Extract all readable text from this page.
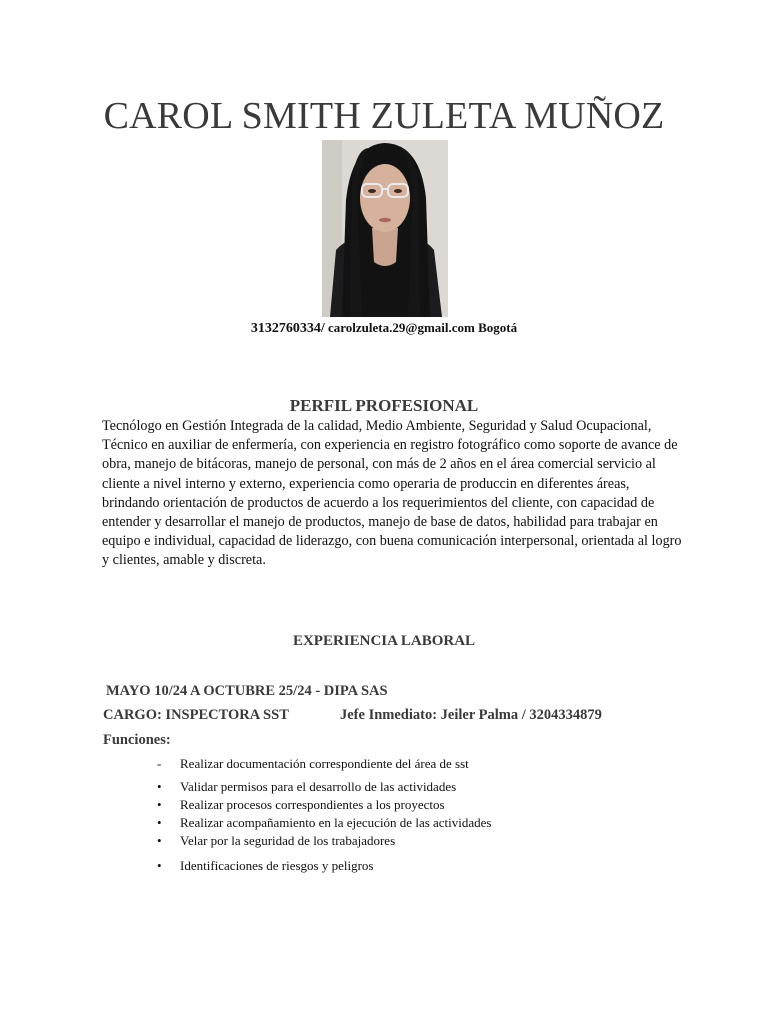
CAROL SMITH ZULETA MUÑOZ
3132760334/ carolzuleta.29@gmail.com Bogotá
PERFIL PROFESIONAL

Tecnólogo en Gestión Integrada de la calidad, Medio Ambiente, Seguridad y Salud Ocupacional, Técnico en auxiliar de enfermería, con experiencia en registro fotográfico como soporte de avance de obra, manejo de bitácoras, manejo de personal, con más de 2 años en el área comercial servicio al cliente a nivel interno y externo, experiencia como operaria de produccin en diferentes áreas, brindando orientación de productos de acuerdo a los requerimientos del cliente, con capacidad de entender y desarrollar el manejo de productos, manejo de base de datos, habilidad para trabajar en equipo e individual, capacidad de liderazgo, con buena comunicación interpersonal, orientada al logro y clientes, amable y discreta.

EXPERIENCIA LABORAL
MAYO 10/24 A OCTUBRE 25/24 - DIPA SAS
CARGO: INSPECTORA SST	Jefe Inmediato: Jeiler Palma / 3204334879
Funciones:
- Realizar documentación correspondiente del área de sst
• Validar permisos para el desarrollo de las actividades
• Realizar procesos correspondientes a los proyectos
• Realizar acompañamiento en la ejecución de las actividades
• Velar por la seguridad de los trabajadores
• Identificaciones de riesgos y peligros
